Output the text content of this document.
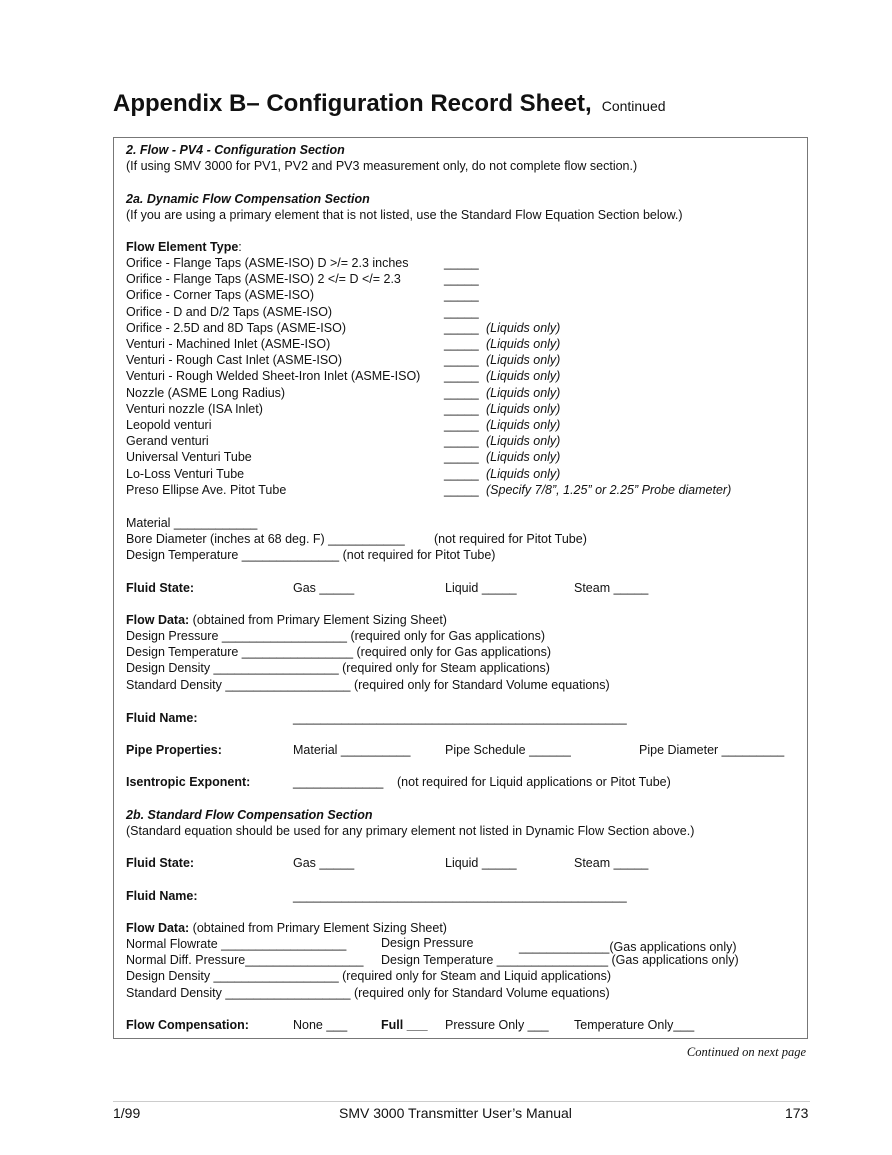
Appendix B– Configuration Record Sheet, Continued
2. Flow - PV4 - Configuration Section
(If using SMV 3000 for PV1, PV2 and PV3 measurement only, do not complete flow section.)
2a. Dynamic Flow Compensation Section
(If you are using a primary element that is not listed, use the Standard Flow Equation Section below.)
Flow Element Type:
Orifice - Flange Taps (ASME-ISO) D >/= 2.3 inches	_____
Orifice - Flange Taps (ASME-ISO) 2 </= D </= 2.3	_____
Orifice - Corner Taps (ASME-ISO)	_____
Orifice - D and D/2 Taps (ASME-ISO)	_____
Orifice - 2.5D and 8D Taps (ASME-ISO)	_____ (Liquids only)
Venturi - Machined Inlet (ASME-ISO)	_____ (Liquids only)
Venturi - Rough Cast Inlet (ASME-ISO)	_____ (Liquids only)
Venturi - Rough Welded Sheet-Iron Inlet (ASME-ISO) _____ (Liquids only)
Nozzle (ASME Long Radius)	_____ (Liquids only)
Venturi nozzle (ISA Inlet)	_____ (Liquids only)
Leopold venturi	_____ (Liquids only)
Gerand venturi	_____ (Liquids only)
Universal Venturi Tube	_____ (Liquids only)
Lo-Loss Venturi Tube	_____ (Liquids only)
Preso Ellipse Ave. Pitot Tube	_____ (Specify 7/8”, 1.25” or 2.25” Probe diameter)
Material ____________
Bore Diameter (inches at 68 deg. F) ___________ (not required for Pitot Tube)
Design Temperature ______________ (not required for Pitot Tube)
Fluid State:	Gas _____	Liquid _____	Steam _____
Flow Data: (obtained from Primary Element Sizing Sheet)
Design Pressure __________________ (required only for Gas applications)
Design Temperature ________________ (required only for Gas applications)
Design Density __________________ (required only for Steam applications)
Standard Density __________________ (required only for Standard Volume equations)
Fluid Name:	________________________________________________
Pipe Properties:	Material __________	Pipe Schedule ______	Pipe Diameter _________
Isentropic Exponent:	_____________ (not required for Liquid applications or Pitot Tube)
2b. Standard Flow Compensation Section
(Standard equation should be used for any primary element not listed in Dynamic Flow Section above.)
Fluid State:	Gas _____	Liquid _____	Steam _____
Fluid Name:	________________________________________________
Flow Data: (obtained from Primary Element Sizing Sheet)
Normal Flowrate __________________	Design Pressure	_____________(Gas applications only)
Normal Diff. Pressure_________________ Design Temperature ________________ (Gas applications only)
Design Density __________________ (required only for Steam and Liquid applications)
Standard Density __________________ (required only for Standard Volume equations)
Flow Compensation:	None ___	Full ___ Pressure Only ___ Temperature Only___
Continued on next page
1/99	SMV 3000 Transmitter User’s Manual	173
